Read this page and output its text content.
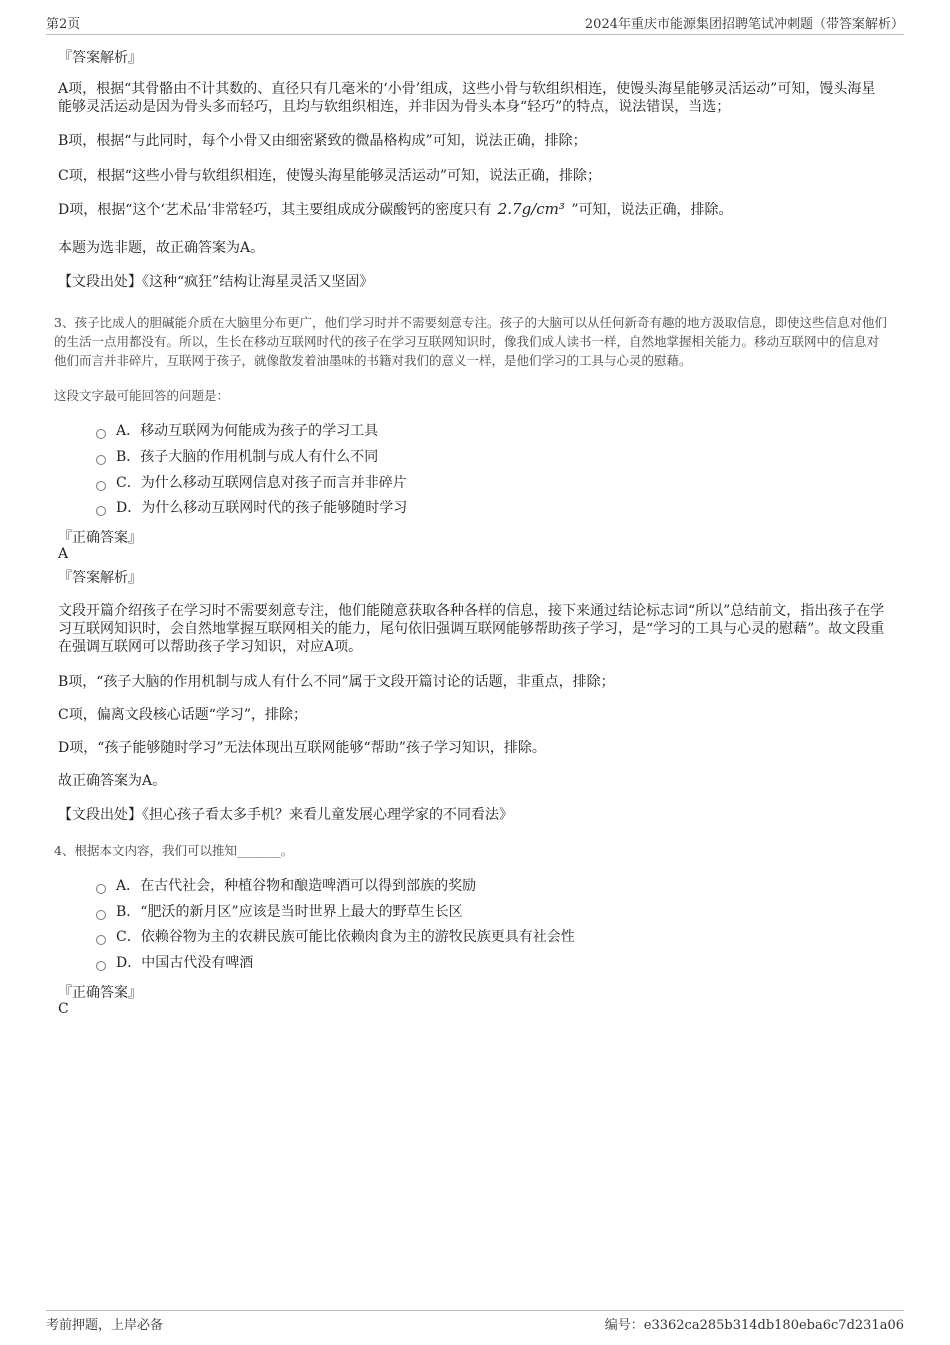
第2页	2024年重庆市能源集团招聘笔试冲刺题（带答案解析）
『答案解析』
A项，根据“其骨骼由不计其数的、直径只有几毫米的‘小骨’组成，这些小骨与软组织相连，使馒头海星能够灵活运动”可知，馒头海星能够灵活运动是因为骨头多而轻巧，且均与软组织相连，并非因为骨头本身“轻巧”的特点，说法错误，当选；
B项，根据“与此同时，每个小骨又由细密紧致的微晶格构成”可知，说法正确，排除；
C项，根据“这些小骨与软组织相连，使馒头海星能够灵活运动”可知，说法正确，排除；
D项，根据“这个‘艺术品’非常轻巧，其主要组成成分碳酸钙的密度只有 2.7g/cm³ ”可知，说法正确，排除。
本题为选非题，故正确答案为A。
【文段出处】《这种“疯狂”结构让海星灵活又坚固》
3、孩子比成人的胆碱能介质在大脑里分布更广，他们学习时并不需要刻意专注。孩子的大脑可以从任何新奇有趣的地方汲取信息，即使这些信息对他们的生活一点用都没有。所以，生长在移动互联网时代的孩子在学习互联网知识时，像我们成人读书一样，自然地掌握相关能力。移动互联网中的信息对他们而言并非碎片，互联网于孩子，就像散发着油墨味的书籍对我们的意义一样，是他们学习的工具与心灵的慰藉。
这段文字最可能回答的问题是：
A．移动互联网为何能成为孩子的学习工具
B．孩子大脑的作用机制与成人有什么不同
C．为什么移动互联网信息对孩子而言并非碎片
D．为什么移动互联网时代的孩子能够随时学习
『正确答案』
A
『答案解析』
文段开篇介绍孩子在学习时不需要刻意专注，他们能随意获取各种各样的信息，接下来通过结论标志词“所以”总结前文，指出孩子在学习互联网知识时，会自然地掌握互联网相关的能力，尾句依旧强调互联网能够帮助孩子学习，是“学习的工具与心灵的慰藉”。故文段重在强调互联网可以帮助孩子学习知识，对应A项。
B项，“孩子大脑的作用机制与成人有什么不同”属于文段开篇讨论的话题，非重点，排除；
C项，偏离文段核心话题“学习”，排除；
D项，“孩子能够随时学习”无法体现出互联网能够“帮助”孩子学习知识，排除。
故正确答案为A。
【文段出处】《担心孩子看太多手机？来看儿童发展心理学家的不同看法》
4、根据本文内容，我们可以推知_______。
A．在古代社会，种植谷物和酿造啤酒可以得到部族的奖励
B．“肥沃的新月区”应该是当时世界上最大的野草生长区
C．依赖谷物为主的农耕民族可能比依赖肉食为主的游牧民族更具有社会性
D．中国古代没有啤酒
『正确答案』
C
考前押题，上岸必备	编号：e3362ca285b314db180eba6c7d231a06
